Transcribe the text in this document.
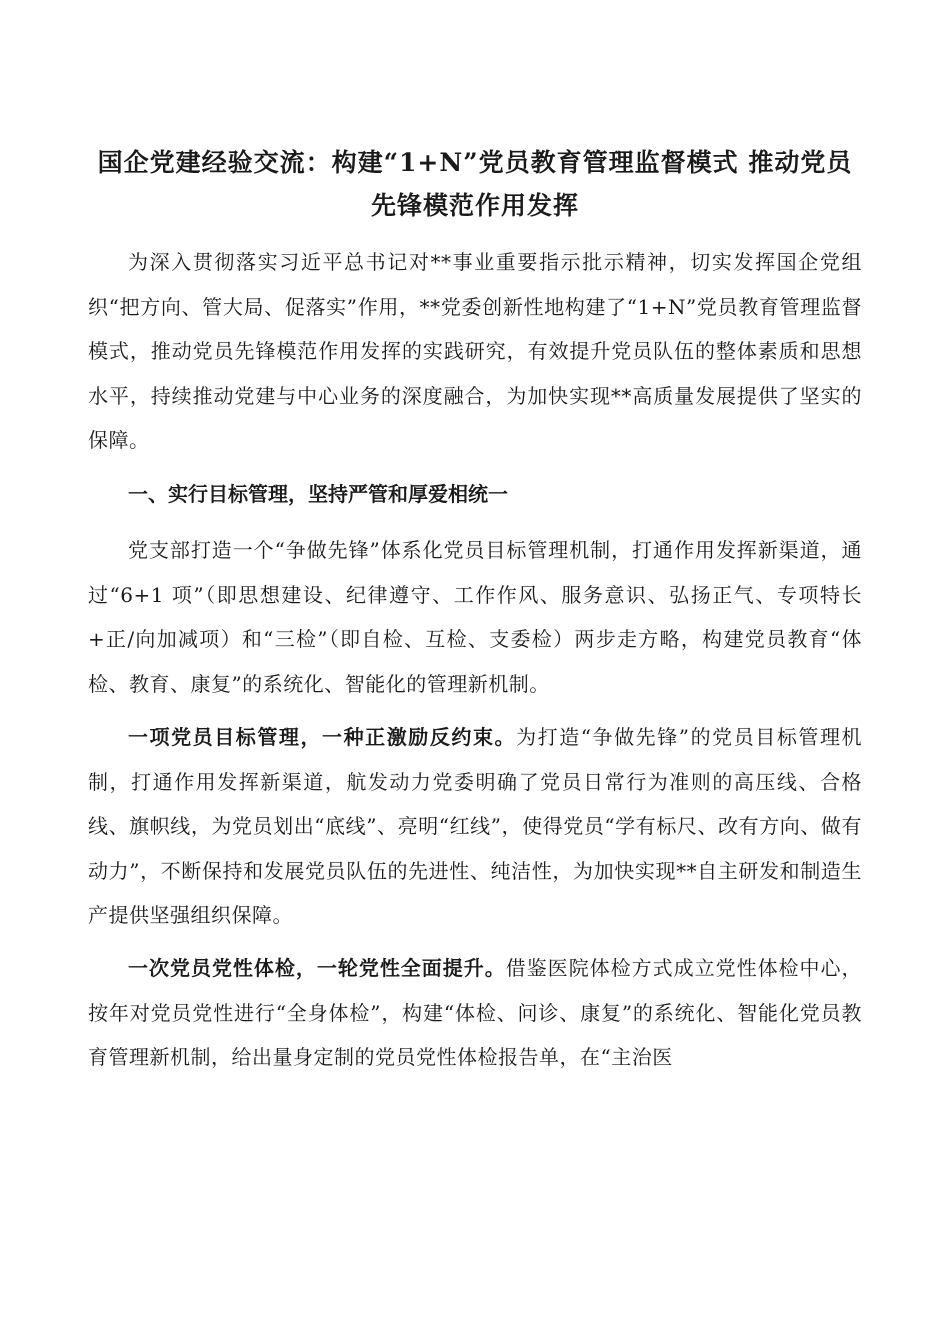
国企党建经验交流：构建“1+N”党员教育管理监督模式 推动党员先锋模范作用发挥

为深入贯彻落实习近平总书记对**事业重要指示批示精神，切实发挥国企党组织“把方向、管大局、促落实”作用，**党委创新性地构建了“1+N”党员教育管理监督模式，推动党员先锋模范作用发挥的实践研究，有效提升党员队伍的整体素质和思想水平，持续推动党建与中心业务的深度融合，为加快实现**高质量发展提供了坚实的保障。

一、实行目标管理，坚持严管和厚爱相统一

党支部打造一个“争做先锋”体系化党员目标管理机制，打通作用发挥新渠道，通过“6+1 项”（即思想建设、纪律遵守、工作作风、服务意识、弘扬正气、专项特长+正/向加减项）和“三检”（即自检、互检、支委检）两步走方略，构建党员教育“体检、教育、康复”的系统化、智能化的管理新机制。

一项党员目标管理，一种正激励反约束。为打造“争做先锋”的党员目标管理机制，打通作用发挥新渠道，航发动力党委明确了党员日常行为准则的高压线、合格线、旗帜线，为党员划出“底线”、亮明“红线”，使得党员“学有标尺、改有方向、做有动力”，不断保持和发展党员队伍的先进性、纯洁性，为加快实现**自主研发和制造生产提供坚强组织保障。

一次党员党性体检，一轮党性全面提升。借鉴医院体检方式成立党性体检中心，按年对党员党性进行“全身体检”，构建“体检、问诊、康复”的系统化、智能化党员教育管理新机制，给出量身定制的党员党性体检报告单，在“主治医
